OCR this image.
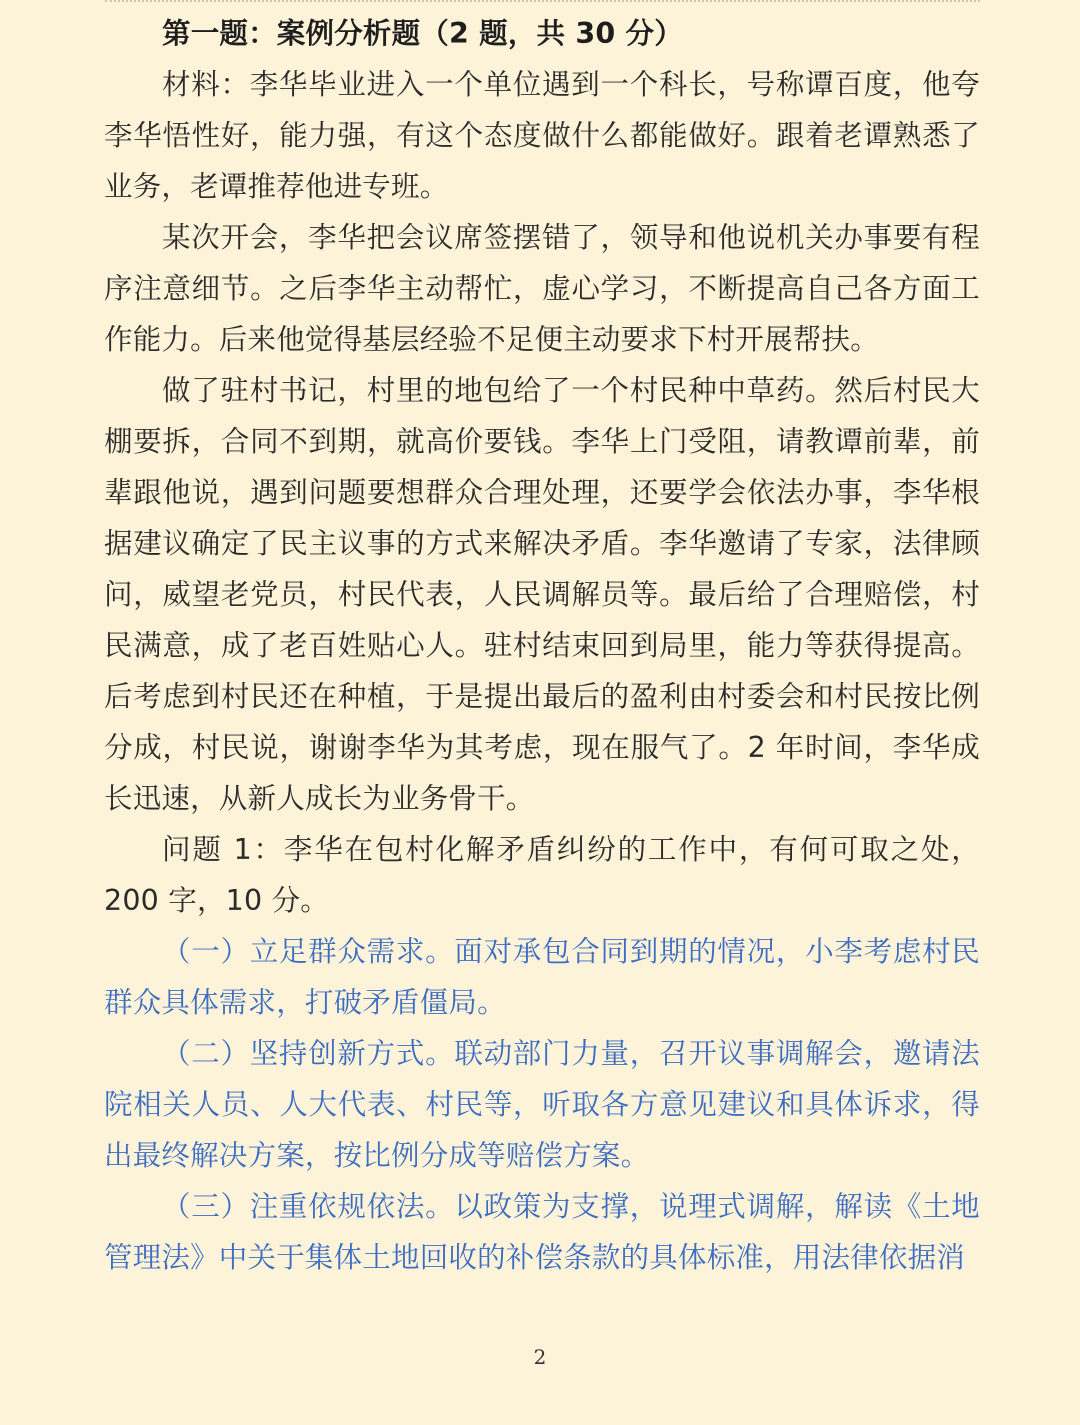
第一题：案例分析题（2 题，共 30 分）

材料：李华毕业进入一个单位遇到一个科长，号称谭百度，他夸李华悟性好，能力强，有这个态度做什么都能做好。跟着老谭熟悉了业务，老谭推荐他进专班。

某次开会，李华把会议席签摆错了，领导和他说机关办事要有程序注意细节。之后李华主动帮忙，虚心学习，不断提高自己各方面工作能力。后来他觉得基层经验不足便主动要求下村开展帮扶。

做了驻村书记，村里的地包给了一个村民种中草药。然后村民大棚要拆，合同不到期，就高价要钱。李华上门受阻，请教谭前辈，前辈跟他说，遇到问题要想群众合理处理，还要学会依法办事，李华根据建议确定了民主议事的方式来解决矛盾。李华邀请了专家，法律顾问，威望老党员，村民代表，人民调解员等。最后给了合理赔偿，村民满意，成了老百姓贴心人。驻村结束回到局里，能力等获得提高。后考虑到村民还在种植，于是提出最后的盈利由村委会和村民按比例分成，村民说，谢谢李华为其考虑，现在服气了。2 年时间，李华成长迅速，从新人成长为业务骨干。

问题 1：李华在包村化解矛盾纠纷的工作中，有何可取之处，200 字，10 分。

（一）立足群众需求。面对承包合同到期的情况，小李考虑村民群众具体需求，打破矛盾僵局。

（二）坚持创新方式。联动部门力量，召开议事调解会，邀请法院相关人员、人大代表、村民等，听取各方意见建议和具体诉求，得出最终解决方案，按比例分成等赔偿方案。

（三）注重依规依法。以政策为支撑，说理式调解，解读《土地管理法》中关于集体土地回收的补偿条款的具体标准，用法律依据消

2
